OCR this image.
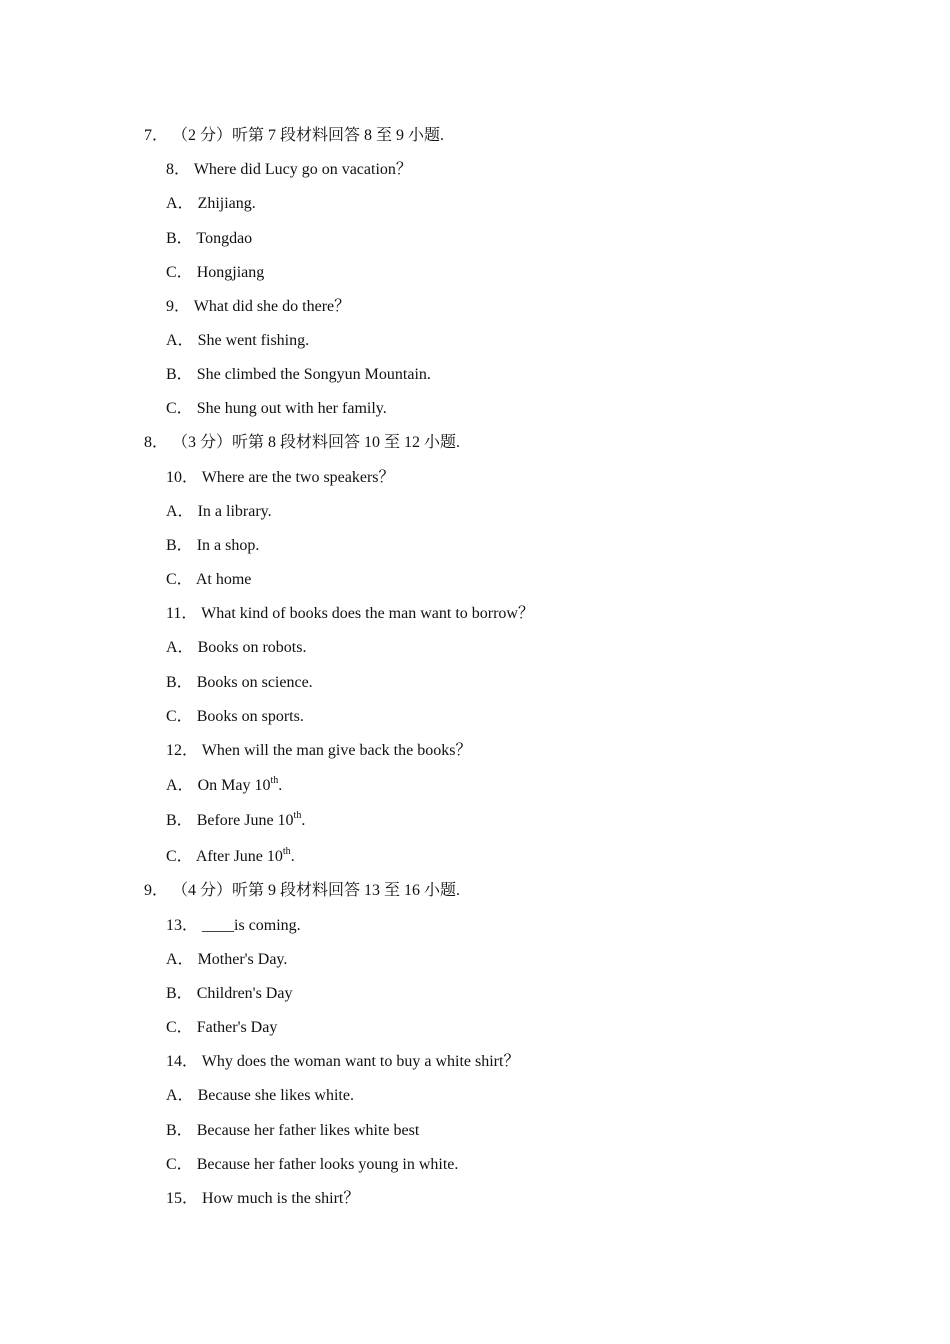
7． （2 分）听第 7 段材料回答 8 至 9 小题.
8． Where did Lucy go on vacation？
A． Zhijiang.
B． Tongdao
C． Hongjiang
9． What did she do there？
A． She went fishing.
B． She climbed the Songyun Mountain.
C． She hung out with her family.
8． （3 分）听第 8 段材料回答 10 至 12 小题.
10． Where are the two speakers？
A． In a library.
B． In a shop.
C． At home
11． What kind of books does the man want to borrow？
A． Books on robots.
B． Books on science.
C． Books on sports.
12． When will the man give back the books？
A． On May 10th.
B． Before June 10th.
C． After June 10th.
9． （4 分）听第 9 段材料回答 13 至 16 小题.
13． ____is coming.
A． Mother's Day.
B． Children's Day
C． Father's Day
14． Why does the woman want to buy a white shirt？
A． Because she likes white.
B． Because her father likes white best
C． Because her father looks young in white.
15． How much is the shirt？
